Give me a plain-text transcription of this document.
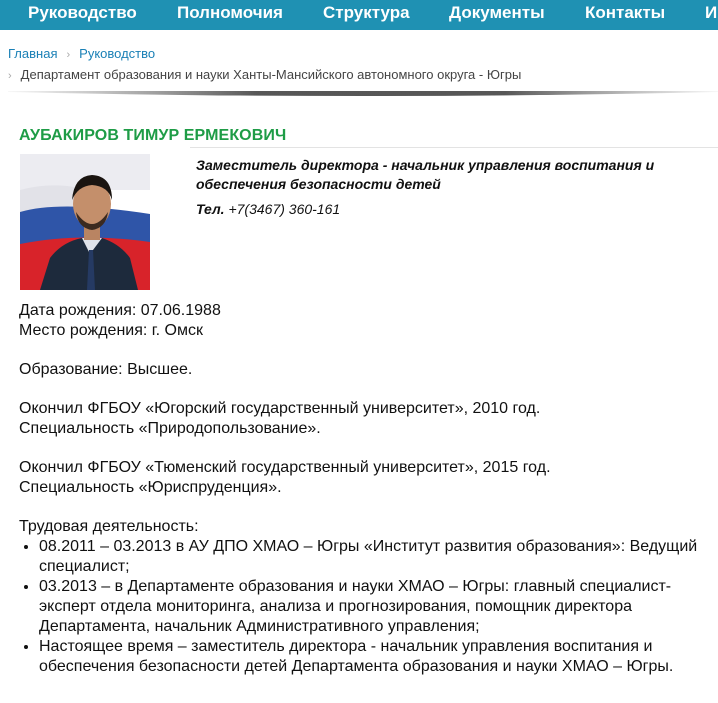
Руководство Полномочия Структура Документы Контакты И
Главная › Руководство
› Департамент образования и науки Ханты-Мансийского автономного округа - Югры
АУБАКИРОВ ТИМУР ЕРМЕКОВИЧ
Заместитель директора - начальник управления воспитания и обеспечения безопасности детей
Тел. +7(3467) 360-161

Дата рождения: 07.06.1988

Место рождения: г. Омск

Образование: Высшее.

Окончил ФГБОУ «Югорский государственный университет», 2010 год.

Специальность «Природопользование».

Окончил ФГБОУ «Тюменский государственный университет», 2015 год.

Специальность «Юриспруденция».

Трудовая деятельность:

• 08.2011 – 03.2013 в АУ ДПО ХМАО – Югры «Институт развития образования»: Ведущий специалист;
• 03.2013 – в Департаменте образования и науки ХМАО – Югры: главный специалист-эксперт отдела мониторинга, анализа и прогнозирования, помощник директора Департамента, начальник Административного управления;
• Настоящее время – заместитель директора - начальник управления воспитания и обеспечения безопасности детей Департамента образования и науки ХМАО – Югры.
